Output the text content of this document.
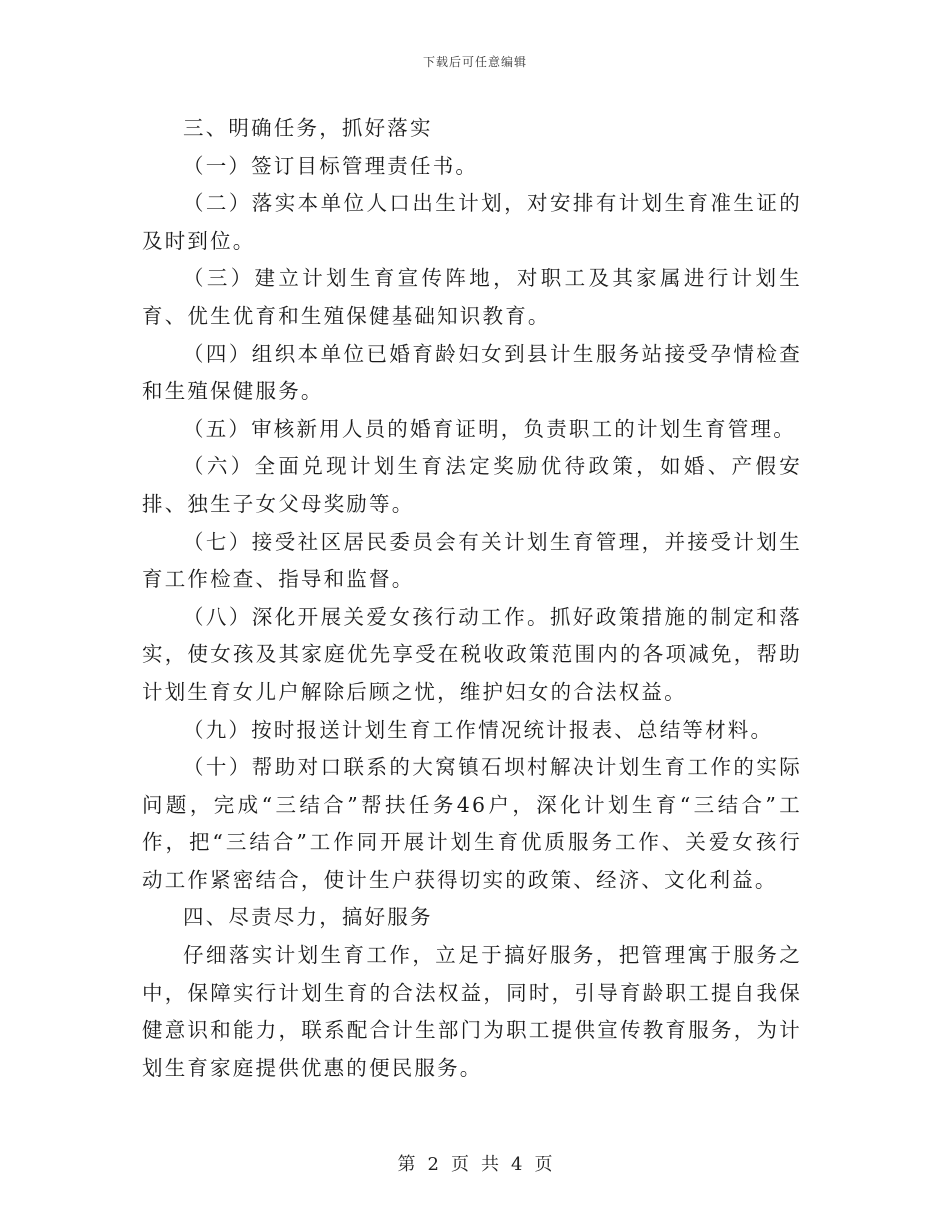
下载后可任意编辑

三、明确任务，抓好落实

（一）签订目标管理责任书。

（二）落实本单位人口出生计划，对安排有计划生育准生证的及时到位。

（三）建立计划生育宣传阵地，对职工及其家属进行计划生育、优生优育和生殖保健基础知识教育。

（四）组织本单位已婚育龄妇女到县计生服务站接受孕情检查和生殖保健服务。

（五）审核新用人员的婚育证明，负责职工的计划生育管理。

（六）全面兑现计划生育法定奖励优待政策，如婚、产假安排、独生子女父母奖励等。

（七）接受社区居民委员会有关计划生育管理，并接受计划生育工作检查、指导和监督。

（八）深化开展关爱女孩行动工作。抓好政策措施的制定和落实，使女孩及其家庭优先享受在税收政策范围内的各项减免，帮助计划生育女儿户解除后顾之忧，维护妇女的合法权益。

（九）按时报送计划生育工作情况统计报表、总结等材料。

（十）帮助对口联系的大窝镇石坝村解决计划生育工作的实际问题，完成“三结合”帮扶任务46户，深化计划生育“三结合”工作，把“三结合”工作同开展计划生育优质服务工作、关爱女孩行动工作紧密结合，使计生户获得切实的政策、经济、文化利益。

四、尽责尽力，搞好服务

仔细落实计划生育工作，立足于搞好服务，把管理寓于服务之中，保障实行计划生育的合法权益，同时，引导育龄职工提自我保健意识和能力，联系配合计生部门为职工提供宣传教育服务，为计划生育家庭提供优惠的便民服务。

第 2 页 共 4 页
